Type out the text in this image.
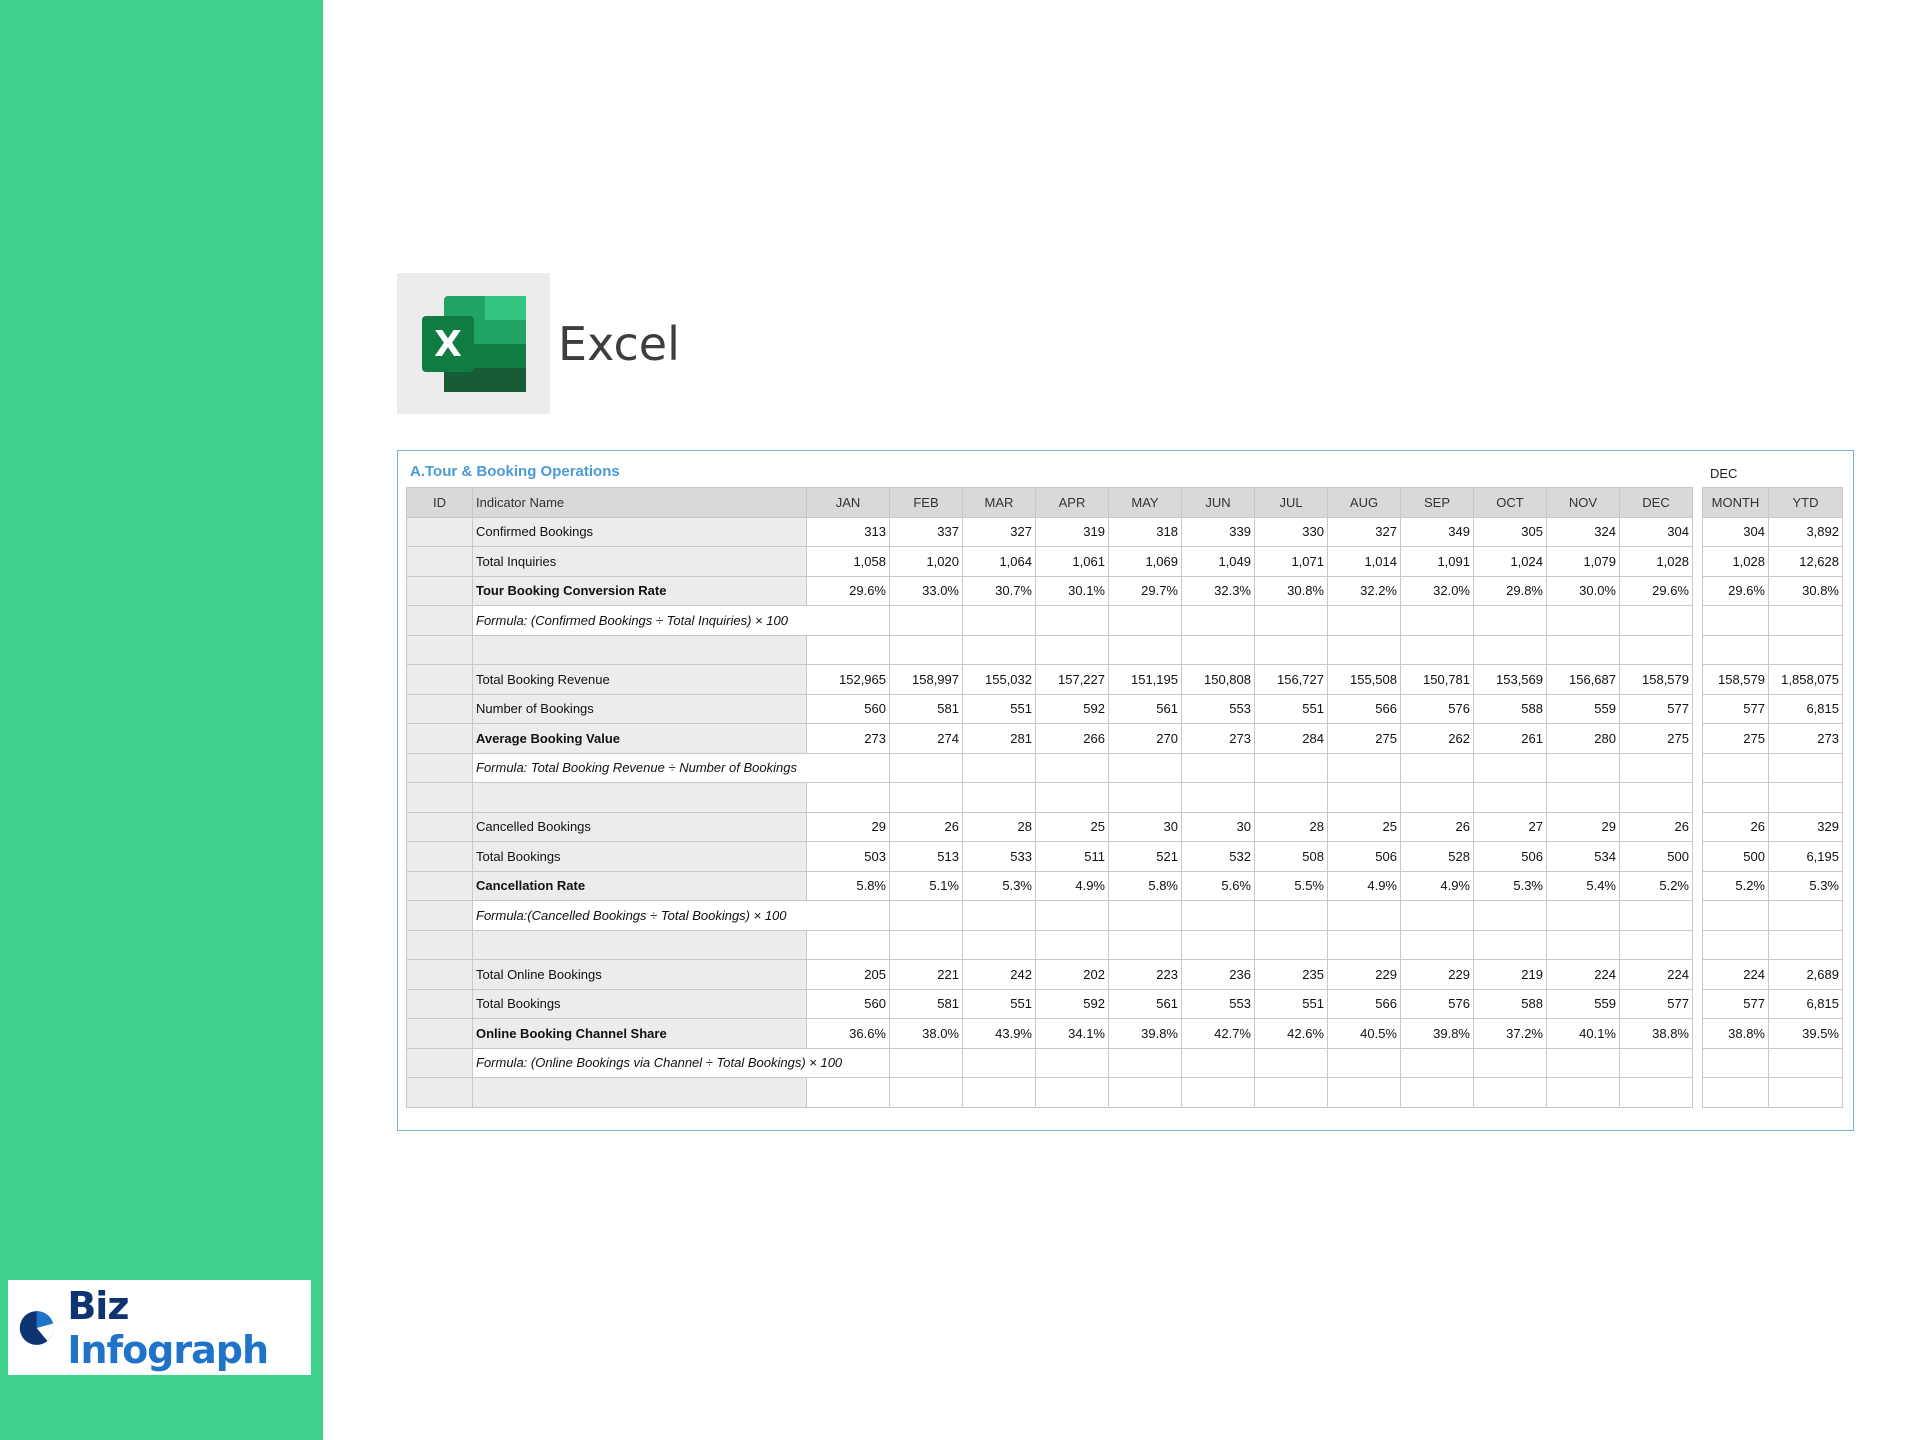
Biz Infograph
X Excel
A.Tour & Booking Operations	DEC
ID	Indicator Name	JAN	FEB	MAR	APR	MAY	JUN	JUL	AUG	SEP	OCT	NOV	DEC		MONTH	YTD
	Confirmed Bookings	313	337	327	319	318	339	330	327	349	305	324	304		304	3,892
	Total Inquiries	1,058	1,020	1,064	1,061	1,069	1,049	1,071	1,014	1,091	1,024	1,079	1,028		1,028	12,628
	Tour Booking Conversion Rate	29.6%	33.0%	30.7%	30.1%	29.7%	32.3%	30.8%	32.2%	32.0%	29.8%	30.0%	29.6%		29.6%	30.8%
	Formula: (Confirmed Bookings ÷ Total Inquiries) × 100															

	Total Booking Revenue	152,965	158,997	155,032	157,227	151,195	150,808	156,727	155,508	150,781	153,569	156,687	158,579		158,579	1,858,075
	Number of Bookings	560	581	551	592	561	553	551	566	576	588	559	577		577	6,815
	Average Booking Value	273	274	281	266	270	273	284	275	262	261	280	275		275	273
	Formula: Total Booking Revenue ÷ Number of Bookings															

	Cancelled Bookings	29	26	28	25	30	30	28	25	26	27	29	26		26	329
	Total Bookings	503	513	533	511	521	532	508	506	528	506	534	500		500	6,195
	Cancellation Rate	5.8%	5.1%	5.3%	4.9%	5.8%	5.6%	5.5%	4.9%	4.9%	5.3%	5.4%	5.2%		5.2%	5.3%
	Formula:(Cancelled Bookings ÷ Total Bookings) × 100															

	Total Online Bookings	205	221	242	202	223	236	235	229	229	219	224	224		224	2,689
	Total Bookings	560	581	551	592	561	553	551	566	576	588	559	577		577	6,815
	Online Booking Channel Share	36.6%	38.0%	43.9%	34.1%	39.8%	42.7%	42.6%	40.5%	39.8%	37.2%	40.1%	38.8%		38.8%	39.5%
	Formula: (Online Bookings via Channel ÷ Total Bookings) × 100															
